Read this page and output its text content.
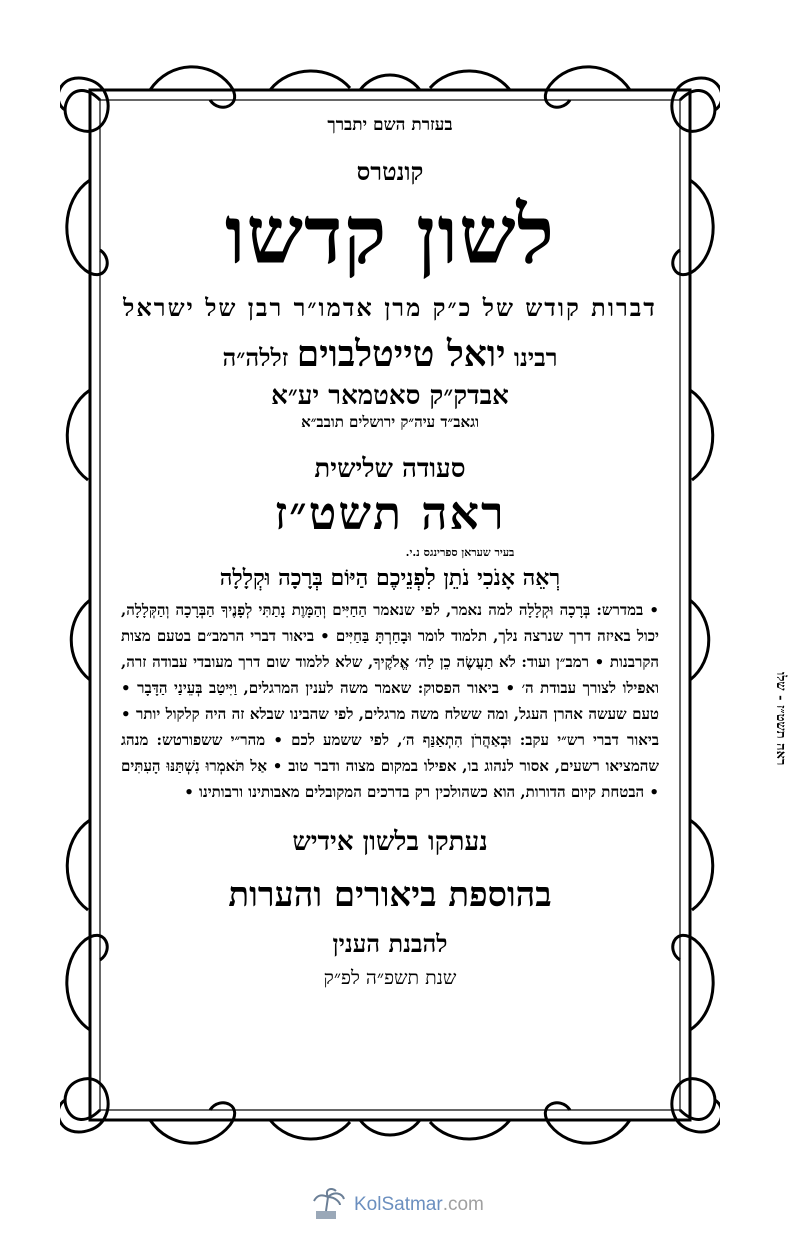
בעזרת השם יתברך

קונטרס

לשון קדשו

דברות קודש של כ״ק מרן אדמו״ר רבן של ישראל

רבינו יואל טייטלבוים זללה״ה

אבדק״ק סאטמאר יע״א

וגאב״ד עיה״ק ירושלים תובב״א

סעודה שלישית

ראה תשט״ז

בעיר שעראן ספרינגס נ.י.

רְאֵה אָנֹכִי נֹתֵן לִפְנֵיכֶם הַיּוֹם בְּרָכָה וּקְלָלָה

• במדרש: בְּרָכָה וּקְלָלָה למה נאמר, לפי שנאמר הַחַיִּים וְהַמָּוֶת נָתַתִּי לְפָנֶיךָ הַבְּרָכָה וְהַקְּלָלָה, יכול באיזה דרך שנרצה נלך, תלמוד לומר וּבָחַרְתָּ בַּחַיִּים • ביאור דברי הרמב״ם בטעם מצות הקרבנות • רמב״ן ועוד: לֹא תַעֲשֶׂה כֵן לַה׳ אֱלֹקֶיךָ, שלא ללמוד שום דרך מעובדי עבודה זרה, ואפילו לצורך עבודת ה׳ • ביאור הפסוק: שאמר משה לענין המרגלים, וַיִּיטַב בְּעֵינַי הַדָּבָר • טעם שעשה אהרן העגל, ומה ששלח משה מרגלים, לפי שהבינו שבלא זה היה קלקול יותר • ביאור דברי רש״י עקב: וּבְאַהֲרֹן הִתְאַנַּף ה׳, לפי ששמע לכם • מהר״י ששפורטש: מנהג שהמציאו רשעים, אסור לנהוג בו, אפילו במקום מצוה ודבר טוב • אַל תֹּאמְרוּ נִשְׁתַּנּוּ הָעִתִּים • הבטחת קיום הדורות, הוא כשהולכין רק בדרכים המקובלים מאבותינו ורבותינו •

נעתקו בלשון אידיש

בהוספת ביאורים והערות

להבנת הענין

שנת תשפ״ה לפ״ק

ראה תשט״ז - שלו
KolSatmar .com
